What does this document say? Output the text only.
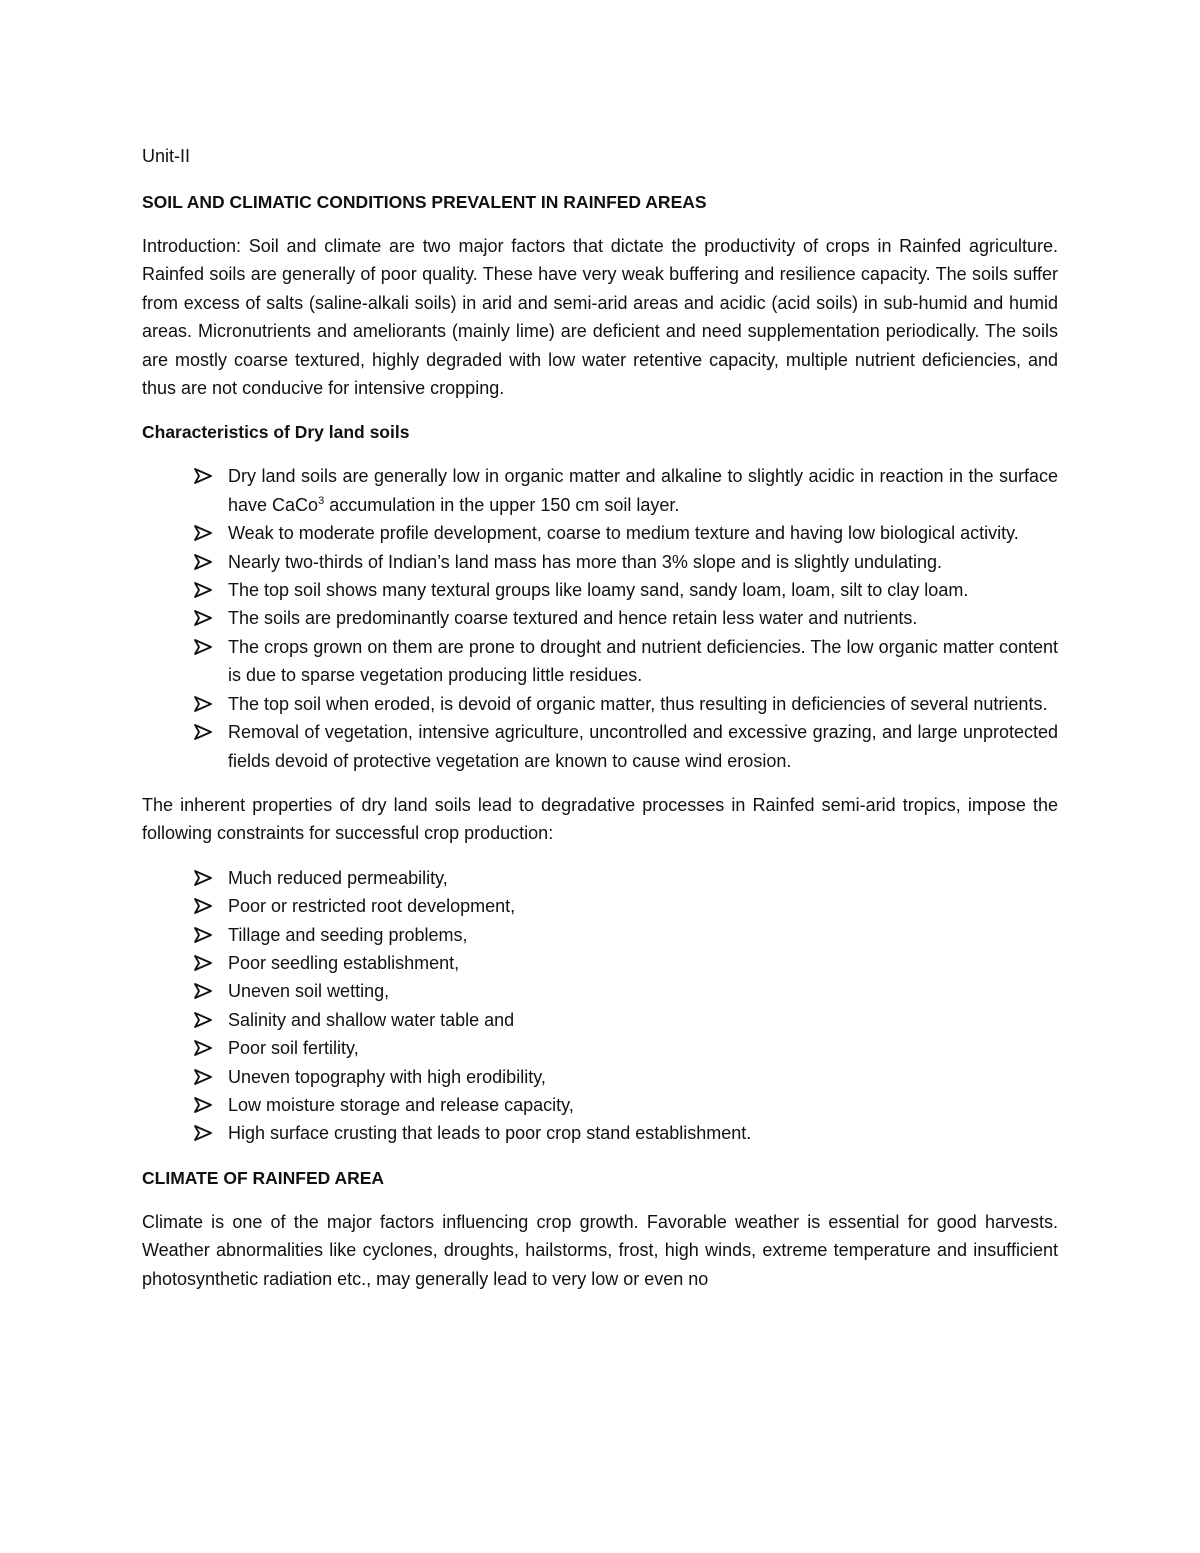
Unit-II

SOIL AND CLIMATIC CONDITIONS PREVALENT IN RAINFED AREAS

Introduction: Soil and climate are two major factors that dictate the productivity of crops in Rainfed agriculture. Rainfed soils are generally of poor quality. These have very weak buffering and resilience capacity. The soils suffer from excess of salts (saline-alkali soils) in arid and semi-arid areas and acidic (acid soils) in sub-humid and humid areas. Micronutrients and ameliorants (mainly lime) are deficient and need supplementation periodically. The soils are mostly coarse textured, highly degraded with low water retentive capacity, multiple nutrient deficiencies, and thus are not conducive for intensive cropping.

Characteristics of Dry land soils

Dry land soils are generally low in organic matter and alkaline to slightly acidic in reaction in the surface have CaCo$^3$ accumulation in the upper 150 cm soil layer.
Weak to moderate profile development, coarse to medium texture and having low biological activity.
Nearly two-thirds of Indian’s land mass has more than 3% slope and is slightly undulating.
The top soil shows many textural groups like loamy sand, sandy loam, loam, silt to clay loam.
The soils are predominantly coarse textured and hence retain less water and nutrients.
The crops grown on them are prone to drought and nutrient deficiencies. The low organic matter content is due to sparse vegetation producing little residues.
The top soil when eroded, is devoid of organic matter, thus resulting in deficiencies of several nutrients.
Removal of vegetation, intensive agriculture, uncontrolled and excessive grazing, and large unprotected fields devoid of protective vegetation are known to cause wind erosion.

The inherent properties of dry land soils lead to degradative processes in Rainfed semi-arid tropics, impose the following constraints for successful crop production:

Much reduced permeability,
Poor or restricted root development,
Tillage and seeding problems,
Poor seedling establishment,
Uneven soil wetting,
Salinity and shallow water table and
Poor soil fertility,
Uneven topography with high erodibility,
Low moisture storage and release capacity,
High surface crusting that leads to poor crop stand establishment.

CLIMATE OF RAINFED AREA

Climate is one of the major factors influencing crop growth. Favorable weather is essential for good harvests. Weather abnormalities like cyclones, droughts, hailstorms, frost, high winds, extreme temperature and insufficient photosynthetic radiation etc., may generally lead to very low or even no
